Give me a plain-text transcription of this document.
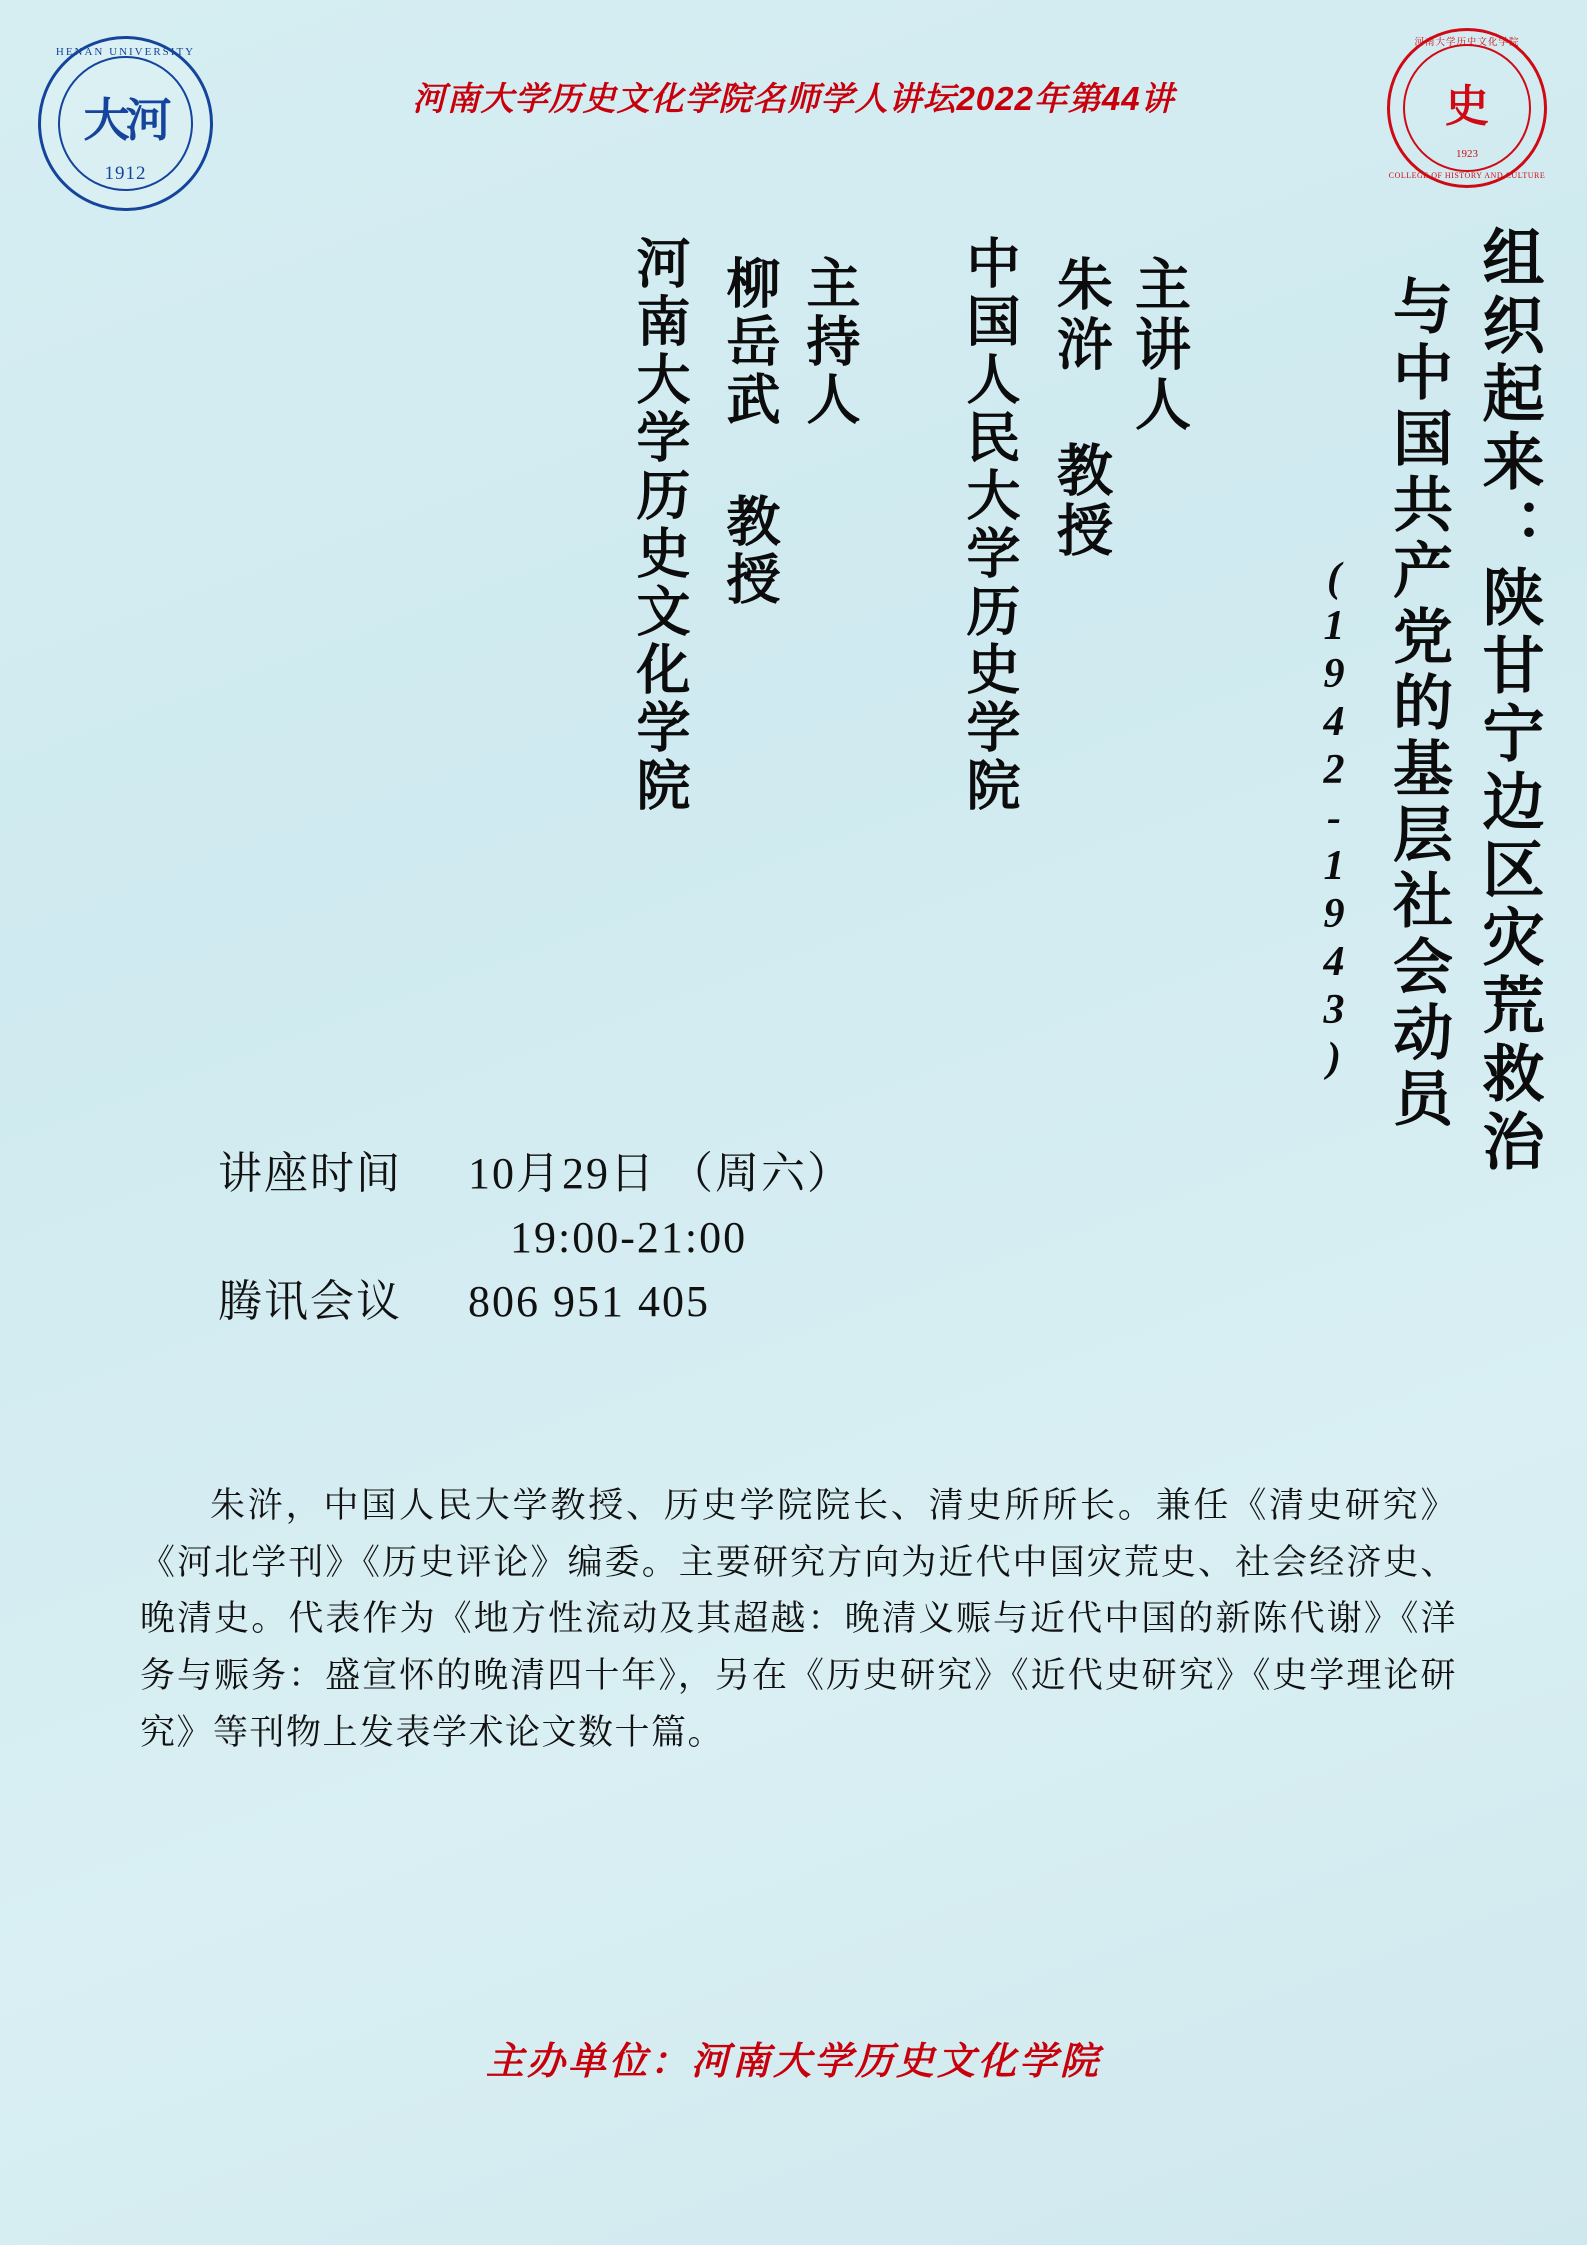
HENAN UNIVERSITY
大河
1912
河南大学历史文化学院名师学人讲坛2022年第44讲
河南大学历史文化学院
史
1923
COLLEGE OF HISTORY AND CULTURE
组织起来：陕甘宁边区灾荒救治
与中国共产党的基层社会动员
(1942-1943)
主讲人
朱浒 教授
中国人民大学历史学院
主持人
柳岳武 教授
河南大学历史文化学院
讲座时间 10月29日 （周六）
19:00-21:00
腾讯会议 806 951 405
朱浒，中国人民大学教授、历史学院院长、清史所所长。兼任《清史研究》《河北学刊》《历史评论》编委。主要研究方向为近代中国灾荒史、社会经济史、晚清史。代表作为《地方性流动及其超越：晚清义赈与近代中国的新陈代谢》《洋务与赈务：盛宣怀的晚清四十年》，另在《历史研究》《近代史研究》《史学理论研究》等刊物上发表学术论文数十篇。
主办单位：河南大学历史文化学院
